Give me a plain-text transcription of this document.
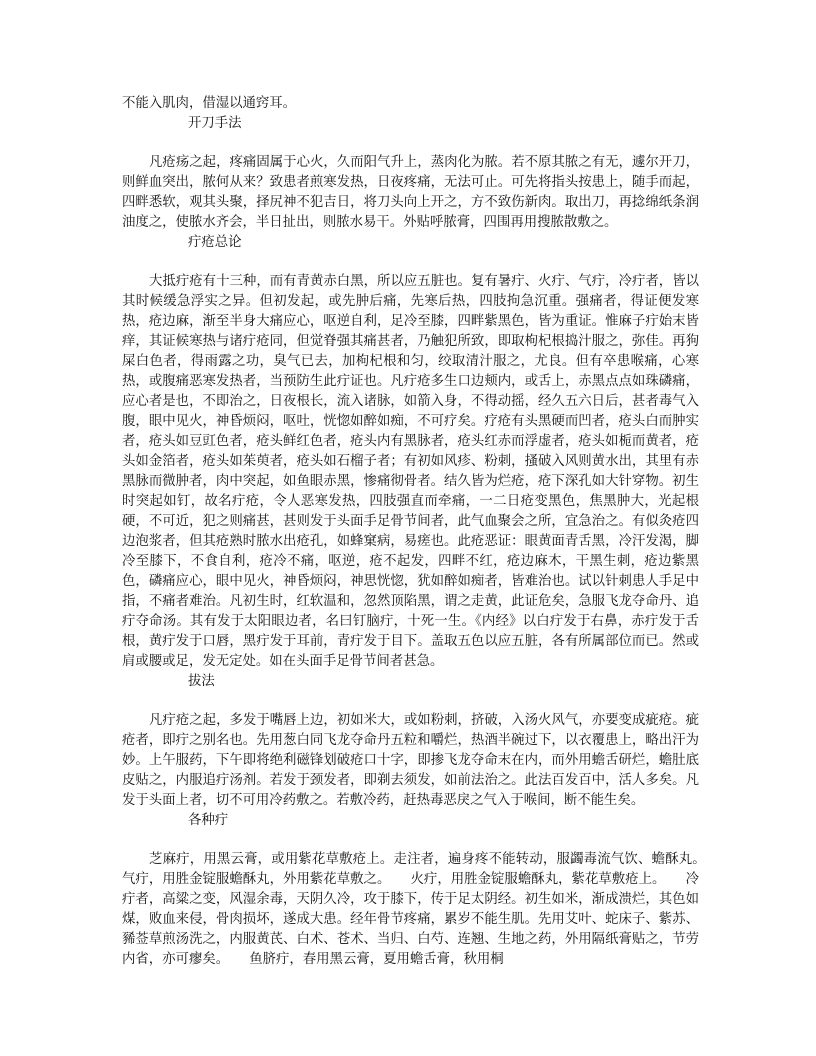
不能入肌肉，借湿以通窍耳。

开刀手法

凡疮疡之起，疼痛固属于心火，久而阳气升上，蒸肉化为脓。若不原其脓之有无，遽尔开刀，则鲜血突出，脓何从来？致患者煎寒发热，日夜疼痛，无法可止。可先将指头按患上，随手而起，四畔悉软，观其头聚，择尻神不犯吉日，将刀头向上开之，方不致伤新肉。取出刀，再捻绵纸条润油度之，使脓水齐会，半日扯出，则脓水易干。外贴呼脓膏，四围再用搜脓散敷之。

疔疮总论

大抵疔疮有十三种，而有青黄赤白黑，所以应五脏也。复有暑疔、火疔、气疔，冷疔者，皆以其时候缓急浮实之异。但初发起，或先肿后痛，先寒后热，四肢拘急沉重。强痛者，得证便发寒热，疮边麻，渐至半身大痛应心，呕逆自利，足冷至膝，四畔紫黑色，皆为重证。惟麻子疔始末皆痒，其证候寒热与诸疔疮同，但觉脊强其痛甚者，乃触犯所致，即取枸杞根捣汁服之，弥佳。再狗屎白色者，得雨露之功，臭气已去，加枸杞根和匀，绞取清汁服之，尤良。但有卒患喉痛，心寒热，或腹痛恶寒发热者，当预防生此疔证也。凡疔疮多生口边颊内，或舌上，赤黑点点如珠磷痛，应心者是也，不即治之，日夜根长，流入诸脉，如箭入身，不得动摇，经久五六日后，甚者毒气入腹，眼中见火，神昏烦闷，呕吐，恍惚如醉如痴，不可疗矣。疗疮有头黑硬而凹者，疮头白而肿实者，疮头如豆豇色者，疮头鲜红色者，疮头内有黑脉者，疮头红赤而浮虚者，疮头如栀而黄者，疮头如金箔者，疮头如茱萸者，疮头如石榴子者；有初如风疹、粉刺，搔破入风则黄水出，其里有赤黑脉而微肿者，肉中突起，如鱼眼赤黑，惨痛彻骨者。结久皆为烂疮，疮下深孔如大针穿物。初生时突起如钉，故名疔疮，令人恶寒发热，四肢强直而牵痛，一二日疮变黑色，焦黑肿大，光起根硬，不可近，犯之则痛甚，甚则发于头面手足骨节间者，此气血聚会之所，宜急治之。有似灸疮四边泡浆者，但其疮熟时脓水出疮孔，如蜂窠病，易瘥也。此疮恶证：眼黄面青舌黑，冷汗发渴，脚冷至膝下，不食自利，疮冷不痛，呕逆，疮不起发，四畔不红，疮边麻木，干黑生刺，疮边紫黑色，磷痛应心，眼中见火，神昏烦闷，神思恍惚，犹如醉如痴者，皆难治也。试以针刺患人手足中指，不痛者难治。凡初生时，红软温和，忽然顶陷黑，谓之走黄，此证危矣，急服飞龙夺命丹、追疔夺命汤。其有发于太阳眼边者，名曰钉脑疔，十死一生。《内经》以白疔发于右鼻，赤疔发于舌根，黄疔发于口唇，黑疔发于耳前，青疔发于目下。盖取五色以应五脏，各有所属部位而已。然或肩或腰或足，发无定处。如在头面手足骨节间者甚急。

拔法

凡疔疮之起，多发于嘴唇上边，初如米大，或如粉刺，挤破，入汤火风气，亦要变成疵疮。疵疮者，即疔之别名也。先用葱白同飞龙夺命丹五粒和嚼烂，热酒半碗过下，以衣覆患上，略出汗为妙。上午服药，下午即将绝利磁锋划破疮口十字，即掺飞龙夺命末在内，而外用蟾舌研烂，蟾肚底皮贴之，内服追疔汤剂。若发于颈发者，即剃去须发，如前法治之。此法百发百中，活人多矣。凡发于头面上者，切不可用冷药敷之。若敷冷药，赶热毒恶戾之气入于喉间，断不能生矣。

各种疔

芝麻疔，用黑云膏，或用紫花草敷疮上。走注者，遍身疼不能转动，服蠲毒流气饮、蟾酥丸。　　气疔，用胜金锭服蟾酥丸，外用紫花草敷之。　　火疔，用胜金锭服蟾酥丸，紫花草敷疮上。　　冷疔者，高粱之变，风湿余毒，天阴久冷，攻于膝下，传于足太阴经。初生如米，渐成溃烂，其色如煤，败血来侵，骨肉损坏，遂成大患。经年骨节疼痛，累岁不能生肌。先用艾叶、蛇床子、紫苏、豨莶草煎汤洗之，内服黄芪、白术、苍术、当归、白芍、连翘、生地之药，外用隔纸膏贴之，节劳内省，亦可瘳矣。　　鱼脐疔，春用黑云膏，夏用蟾舌膏，秋用桐
